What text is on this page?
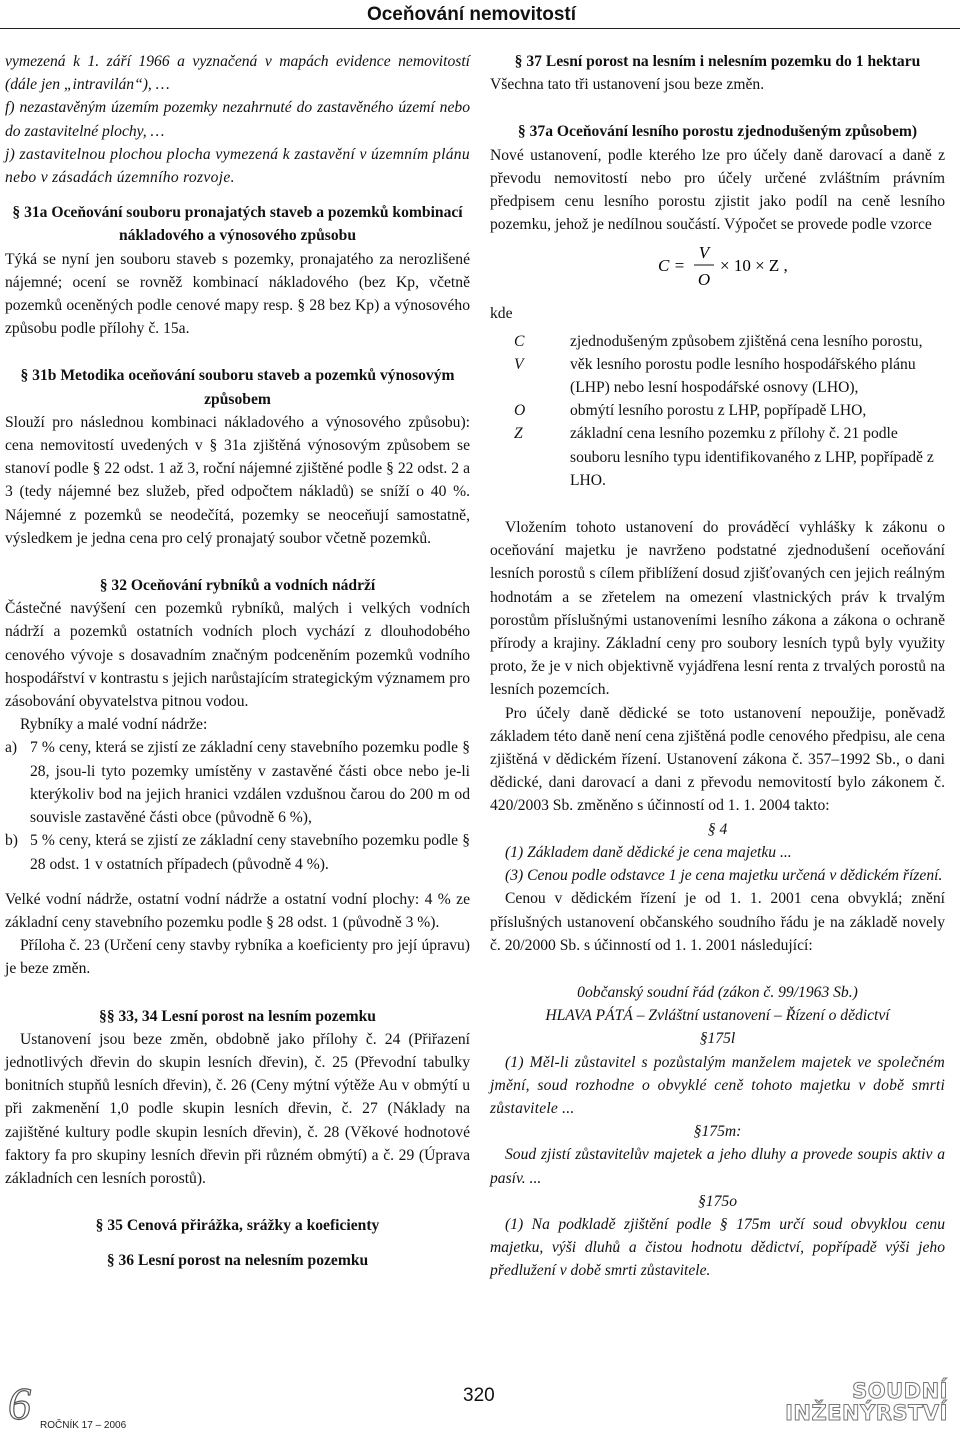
Oceňování nemovitostí

vymezená k 1. září 1966 a vyznačená v mapách evidence nemovitostí (dále jen „intravilán“), …

f) nezastavěným územím pozemky nezahrnuté do zastavěného území nebo do zastavitelné plochy, …

j) zastavitelnou plochou plocha vymezená k zastavění v územním plánu nebo v zásadách územního rozvoje.

§ 31a Oceňování souboru pronajatých staveb a pozemků kombinací nákladového a výnosového způsobu

Týká se nyní jen souboru staveb s pozemky, pronajatého za nerozlišené nájemné; ocení se rovněž kombinací nákladového (bez Kp, včetně pozemků oceněných podle cenové mapy resp. § 28 bez Kp) a výnosového způsobu podle přílohy č. 15a.

§ 31b Metodika oceňování souboru staveb a pozemků výnosovým způsobem

Slouží pro následnou kombinaci nákladového a výnosového způsobu): cena nemovitostí uvedených v § 31a zjištěná výnosovým způsobem se stanoví podle § 22 odst. 1 až 3, roční nájemné zjištěné podle § 22 odst. 2 a 3 (tedy nájemné bez služeb, před odpočtem nákladů) se sníží o 40 %. Nájemné z pozemků se neodečítá, pozemky se neoceňují samostatně, výsledkem je jedna cena pro celý pronajatý soubor včetně pozemků.

§ 32 Oceňování rybníků a vodních nádrží

Částečné navýšení cen pozemků rybníků, malých i velkých vodních nádrží a pozemků ostatních vodních ploch vychází z dlouhodobého cenového vývoje s dosavadním značným podceněním pozemků vodního hospodářství v kontrastu s jejich narůstajícím strategickým významem pro zásobování obyvatelstva pitnou vodou.

Rybníky a malé vodní nádrže:

a) 7 % ceny, která se zjistí ze základní ceny stavebního pozemku podle § 28, jsou-li tyto pozemky umístěny v zastavěné části obce nebo je-li kterýkoliv bod na jejich hranici vzdálen vzdušnou čarou do 200 m od souvisle zastavěné části obce (původně 6 %),
b) 5 % ceny, která se zjistí ze základní ceny stavebního pozemku podle § 28 odst. 1 v ostatních případech (původně 4 %).

Velké vodní nádrže, ostatní vodní nádrže a ostatní vodní plochy: 4 % ze základní ceny stavebního pozemku podle § 28 odst. 1 (původně 3 %).

Příloha č. 23 (Určení ceny stavby rybníka a koeficienty pro její úpravu) je beze změn.

§§ 33, 34 Lesní porost na lesním pozemku

Ustanovení jsou beze změn, obdobně jako přílohy č. 24 (Přiřazení jednotlivých dřevin do skupin lesních dřevin), č. 25 (Převodní tabulky bonitních stupňů lesních dřevin), č. 26 (Ceny mýtní výtěže Au v obmýtí u při zakmenění 1,0 podle skupin lesních dřevin, č. 27 (Náklady na zajištěné kultury podle skupin lesních dřevin), č. 28 (Věkové hodnotové faktory fa pro skupiny lesních dřevin při různém obmýtí) a č. 29 (Úprava základních cen lesních porostů).

§ 35 Cenová přirážka, srážky a koeficienty

§ 36 Lesní porost na nelesním pozemku

§ 37 Lesní porost na lesním i nelesním pozemku do 1 hektaru

Všechna tato tři ustanovení jsou beze změn.

§ 37a Oceňování lesního porostu zjednodušeným způsobem)

Nové ustanovení, podle kterého lze pro účely daně darovací a daně z převodu nemovitostí nebo pro účely určené zvláštním právním předpisem cenu lesního porostu zjistit jako podíl na ceně lesního pozemku, jehož je nedílnou součástí. Výpočet se provede podle vzorce

C =
V
O
× 10 × Z ,

kde

C	zjednodušeným způsobem zjištěná cena lesního porostu,
V	věk lesního porostu podle lesního hospodářského plánu (LHP) nebo lesní hospodářské osnovy (LHO),
O	obmýtí lesního porostu z LHP, popřípadě LHO,
Z	základní cena lesního pozemku z přílohy č. 21 podle souboru lesního typu identifikovaného z LHP, popřípadě z LHO.

Vložením tohoto ustanovení do prováděcí vyhlášky k zákonu o oceňování majetku je navrženo podstatné zjednodušení oceňování lesních porostů s cílem přiblížení dosud zjišťovaných cen jejich reálným hodnotám a se zřetelem na omezení vlastnických práv k trvalým porostům příslušnými ustanoveními lesního zákona a zákona o ochraně přírody a krajiny. Základní ceny pro soubory lesních typů byly využity proto, že je v nich objektivně vyjádřena lesní renta z trvalých porostů na lesních pozemcích.

Pro účely daně dědické se toto ustanovení nepoužije, poněvadž základem této daně není cena zjištěná podle cenového předpisu, ale cena zjištěná v dědickém řízení. Ustanovení zákona č. 357–1992 Sb., o dani dědické, dani darovací a dani z převodu nemovitostí bylo zákonem č. 420/2003 Sb. změněno s účinností od 1. 1. 2004 takto:

§ 4

(1) Základem daně dědické je cena majetku ...

(3) Cenou podle odstavce 1 je cena majetku určená v dědickém řízení.

Cenou v dědickém řízení je od 1. 1. 2001 cena obvyklá; znění příslušných ustanovení občanského soudního řádu je na základě novely č. 20/2000 Sb. s účinností od 1. 1. 2001 následující:

0občanský soudní řád (zákon č. 99/1963 Sb.)

HLAVA PÁTÁ – Zvláštní ustanovení – Řízení o dědictví

§175l

(1) Měl-li zůstavitel s pozůstalým manželem majetek ve společném jmění, soud rozhodne o obvyklé ceně tohoto majetku v době smrti zůstavitele ...

§175m:

Soud zjistí zůstavitelův majetek a jeho dluhy a provede soupis aktiv a pasív. ...

§175o

(1) Na podkladě zjištění podle § 175m určí soud obvyklou cenu majetku, výši dluhů a čistou hodnotu dědictví, popřípadě výši jeho předlužení v době smrti zůstavitele.

6 ROČNÍK 17 – 2006
320	SOUDNÍ
INŽENÝRSTVÍ
